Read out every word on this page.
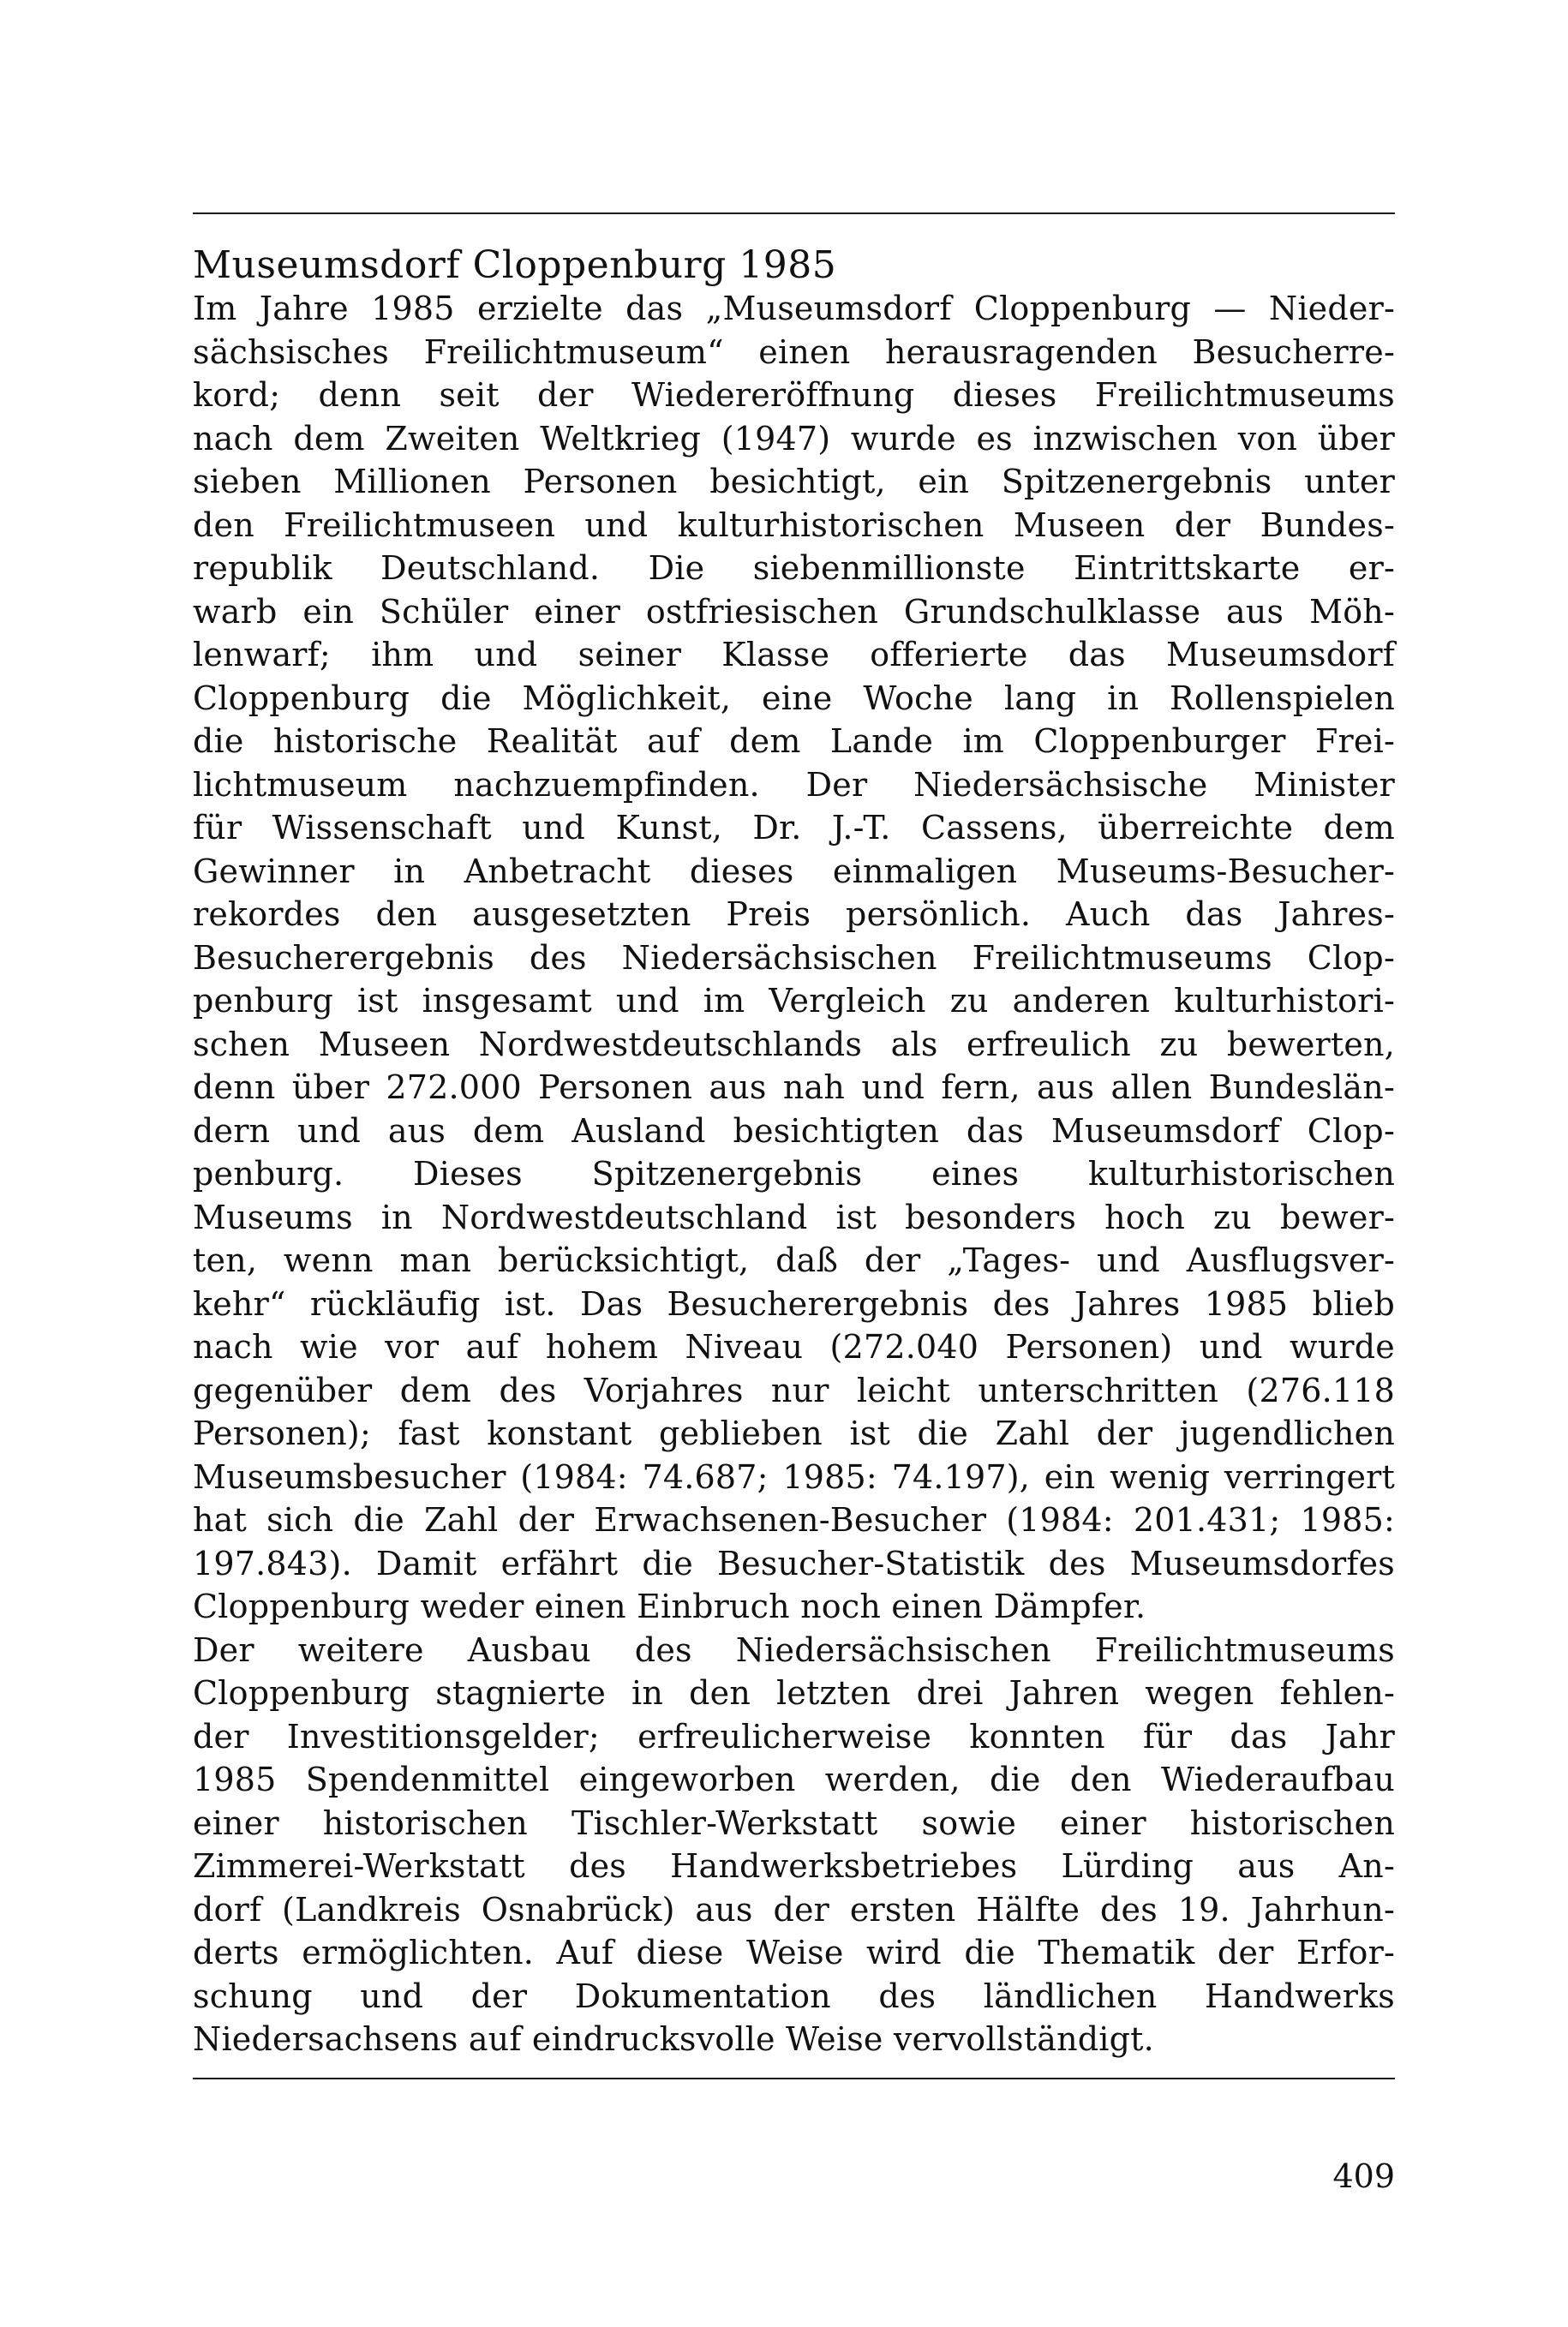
Museumsdorf Cloppenburg 1985
Im Jahre 1985 erzielte das „Museumsdorf Cloppenburg — Nieder-
sächsisches Freilichtmuseum“ einen herausragenden Besucherre-
kord; denn seit der Wiedereröffnung dieses Freilichtmuseums
nach dem Zweiten Weltkrieg (1947) wurde es inzwischen von über
sieben Millionen Personen besichtigt, ein Spitzenergebnis unter
den Freilichtmuseen und kulturhistorischen Museen der Bundes-
republik Deutschland. Die siebenmillionste Eintrittskarte er-
warb ein Schüler einer ostfriesischen Grundschulklasse aus Möh-
lenwarf; ihm und seiner Klasse offerierte das Museumsdorf
Cloppenburg die Möglichkeit, eine Woche lang in Rollenspielen
die historische Realität auf dem Lande im Cloppenburger Frei-
lichtmuseum nachzuempfinden. Der Niedersächsische Minister
für Wissenschaft und Kunst, Dr. J.-T. Cassens, überreichte dem
Gewinner in Anbetracht dieses einmaligen Museums-Besucher-
rekordes den ausgesetzten Preis persönlich. Auch das Jahres-
Besucherergebnis des Niedersächsischen Freilichtmuseums Clop-
penburg ist insgesamt und im Vergleich zu anderen kulturhistori-
schen Museen Nordwestdeutschlands als erfreulich zu bewerten,
denn über 272.000 Personen aus nah und fern, aus allen Bundeslän-
dern und aus dem Ausland besichtigten das Museumsdorf Clop-
penburg. Dieses Spitzenergebnis eines kulturhistorischen
Museums in Nordwestdeutschland ist besonders hoch zu bewer-
ten, wenn man berücksichtigt, daß der „Tages- und Ausflugsver-
kehr“ rückläufig ist. Das Besucherergebnis des Jahres 1985 blieb
nach wie vor auf hohem Niveau (272.040 Personen) und wurde
gegenüber dem des Vorjahres nur leicht unterschritten (276.118
Personen); fast konstant geblieben ist die Zahl der jugendlichen
Museumsbesucher (1984: 74.687; 1985: 74.197), ein wenig verringert
hat sich die Zahl der Erwachsenen-Besucher (1984: 201.431; 1985:
197.843). Damit erfährt die Besucher-Statistik des Museumsdorfes
Cloppenburg weder einen Einbruch noch einen Dämpfer.
Der weitere Ausbau des Niedersächsischen Freilichtmuseums
Cloppenburg stagnierte in den letzten drei Jahren wegen fehlen-
der Investitionsgelder; erfreulicherweise konnten für das Jahr
1985 Spendenmittel eingeworben werden, die den Wiederaufbau
einer historischen Tischler-Werkstatt sowie einer historischen
Zimmerei-Werkstatt des Handwerksbetriebes Lürding aus An-
dorf (Landkreis Osnabrück) aus der ersten Hälfte des 19. Jahrhun-
derts ermöglichten. Auf diese Weise wird die Thematik der Erfor-
schung und der Dokumentation des ländlichen Handwerks
Niedersachsens auf eindrucksvolle Weise vervollständigt.
409
